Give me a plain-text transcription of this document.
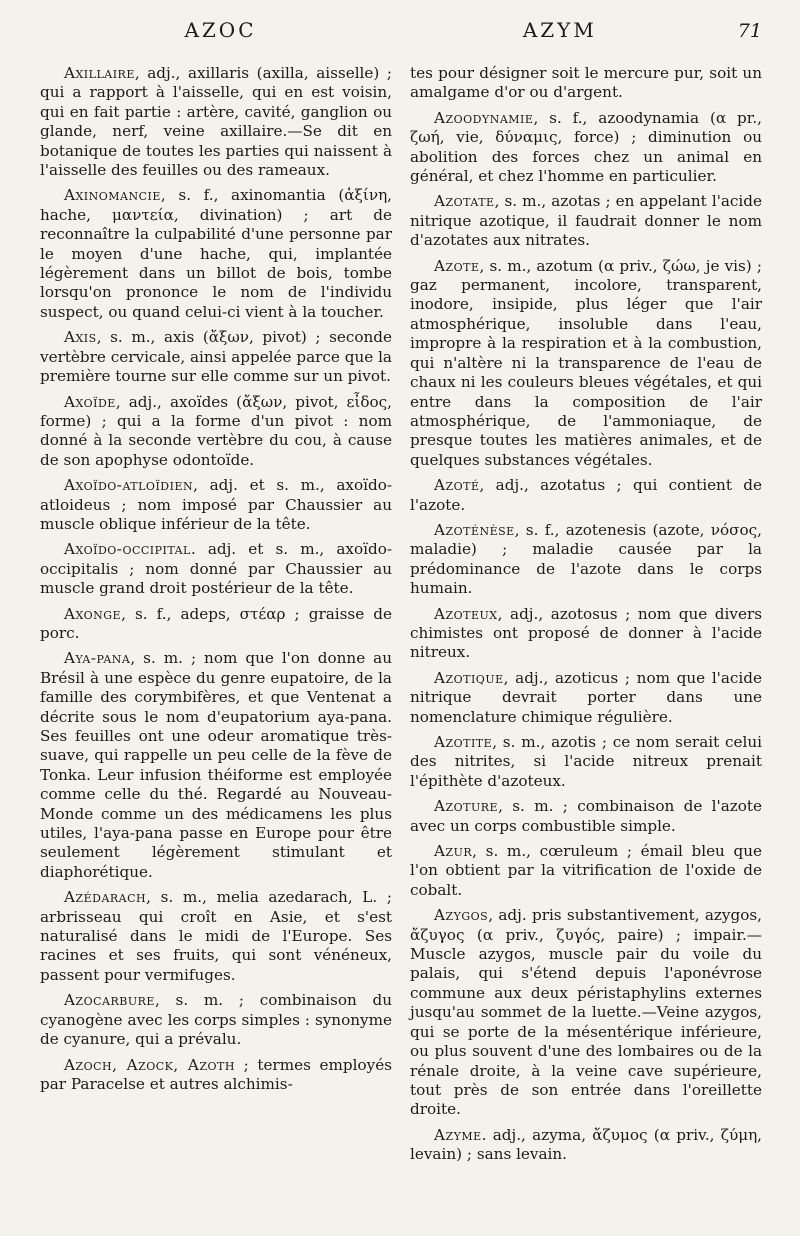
AZOC	AZYM	71

Axillaire, adj., axillaris (axilla, aisselle) ; qui a rapport à l'aisselle, qui en est voisin, qui en fait partie : artère, cavité, ganglion ou glande, nerf, veine axillaire.—Se dit en botanique de toutes les parties qui naissent à l'aisselle des feuilles ou des rameaux.

Axinomancie, s. f., axinomantia (ἀξίνη, hache, μαντεία, divination) ; art de reconnaître la culpabilité d'une personne par le moyen d'une hache, qui, implantée légèrement dans un billot de bois, tombe lorsqu'on prononce le nom de l'individu suspect, ou quand celui-ci vient à la toucher.

Axis, s. m., axis (ἄξων, pivot) ; seconde vertèbre cervicale, ainsi appelée parce que la première tourne sur elle comme sur un pivot.

Axoïde, adj., axoïdes (ἄξων, pivot, εἶδος, forme) ; qui a la forme d'un pivot : nom donné à la seconde vertèbre du cou, à cause de son apophyse odontoïde.

Axoïdo-atloïdien, adj. et s. m., axoïdo-atloideus ; nom imposé par Chaussier au muscle oblique inférieur de la tête.

Axoïdo-occipital. adj. et s. m., axoïdo-occipitalis ; nom donné par Chaussier au muscle grand droit postérieur de la tête.

Axonge, s. f., adeps, στέαρ ; graisse de porc.

Aya-pana, s. m. ; nom que l'on donne au Brésil à une espèce du genre eupatoire, de la famille des corymbifères, et que Ventenat a décrite sous le nom d'eupatorium aya-pana. Ses feuilles ont une odeur aromatique très-suave, qui rappelle un peu celle de la fève de Tonka. Leur infusion théiforme est employée comme celle du thé. Regardé au Nouveau-Monde comme un des médicamens les plus utiles, l'aya-pana passe en Europe pour être seulement légèrement stimulant et diaphorétique.

Azédarach, s. m., melia azedarach, L. ; arbrisseau qui croît en Asie, et s'est naturalisé dans le midi de l'Europe. Ses racines et ses fruits, qui sont vénéneux, passent pour vermifuges.

Azocarbure, s. m. ; combinaison du cyanogène avec les corps simples : synonyme de cyanure, qui a prévalu.

Azoch, Azock, Azoth ; termes employés par Paracelse et autres alchimis-

tes pour désigner soit le mercure pur, soit un amalgame d'or ou d'argent.

Azoodynamie, s. f., azoodynamia (α pr., ζωή, vie, δύναμις, force) ; diminution ou abolition des forces chez un animal en général, et chez l'homme en particulier.

Azotate, s. m., azotas ; en appelant l'acide nitrique azotique, il faudrait donner le nom d'azotates aux nitrates.

Azote, s. m., azotum (α priv., ζώω, je vis) ; gaz permanent, incolore, transparent, inodore, insipide, plus léger que l'air atmosphérique, insoluble dans l'eau, impropre à la respiration et à la combustion, qui n'altère ni la transparence de l'eau de chaux ni les couleurs bleues végétales, et qui entre dans la composition de l'air atmosphérique, de l'ammoniaque, de presque toutes les matières animales, et de quelques substances végétales.

Azoté, adj., azotatus ; qui contient de l'azote.

Azoténèse, s. f., azotenesis (azote, νόσος, maladie) ; maladie causée par la prédominance de l'azote dans le corps humain.

Azoteux, adj., azotosus ; nom que divers chimistes ont proposé de donner à l'acide nitreux.

Azotique, adj., azoticus ; nom que l'acide nitrique devrait porter dans une nomenclature chimique régulière.

Azotite, s. m., azotis ; ce nom serait celui des nitrites, si l'acide nitreux prenait l'épithète d'azoteux.

Azoture, s. m. ; combinaison de l'azote avec un corps combustible simple.

Azur, s. m., cœruleum ; émail bleu que l'on obtient par la vitrification de l'oxide de cobalt.

Azygos, adj. pris substantivement, azygos, ἄζυγος (α priv., ζυγός, paire) ; impair.—Muscle azygos, muscle pair du voile du palais, qui s'étend depuis l'aponévrose commune aux deux péristaphylins externes jusqu'au sommet de la luette.—Veine azygos, qui se porte de la mésentérique inférieure, ou plus souvent d'une des lombaires ou de la rénale droite, à la veine cave supérieure, tout près de son entrée dans l'oreillette droite.

Azyme. adj., azyma, ἄζυμος (α priv., ζύμη, levain) ; sans levain.
